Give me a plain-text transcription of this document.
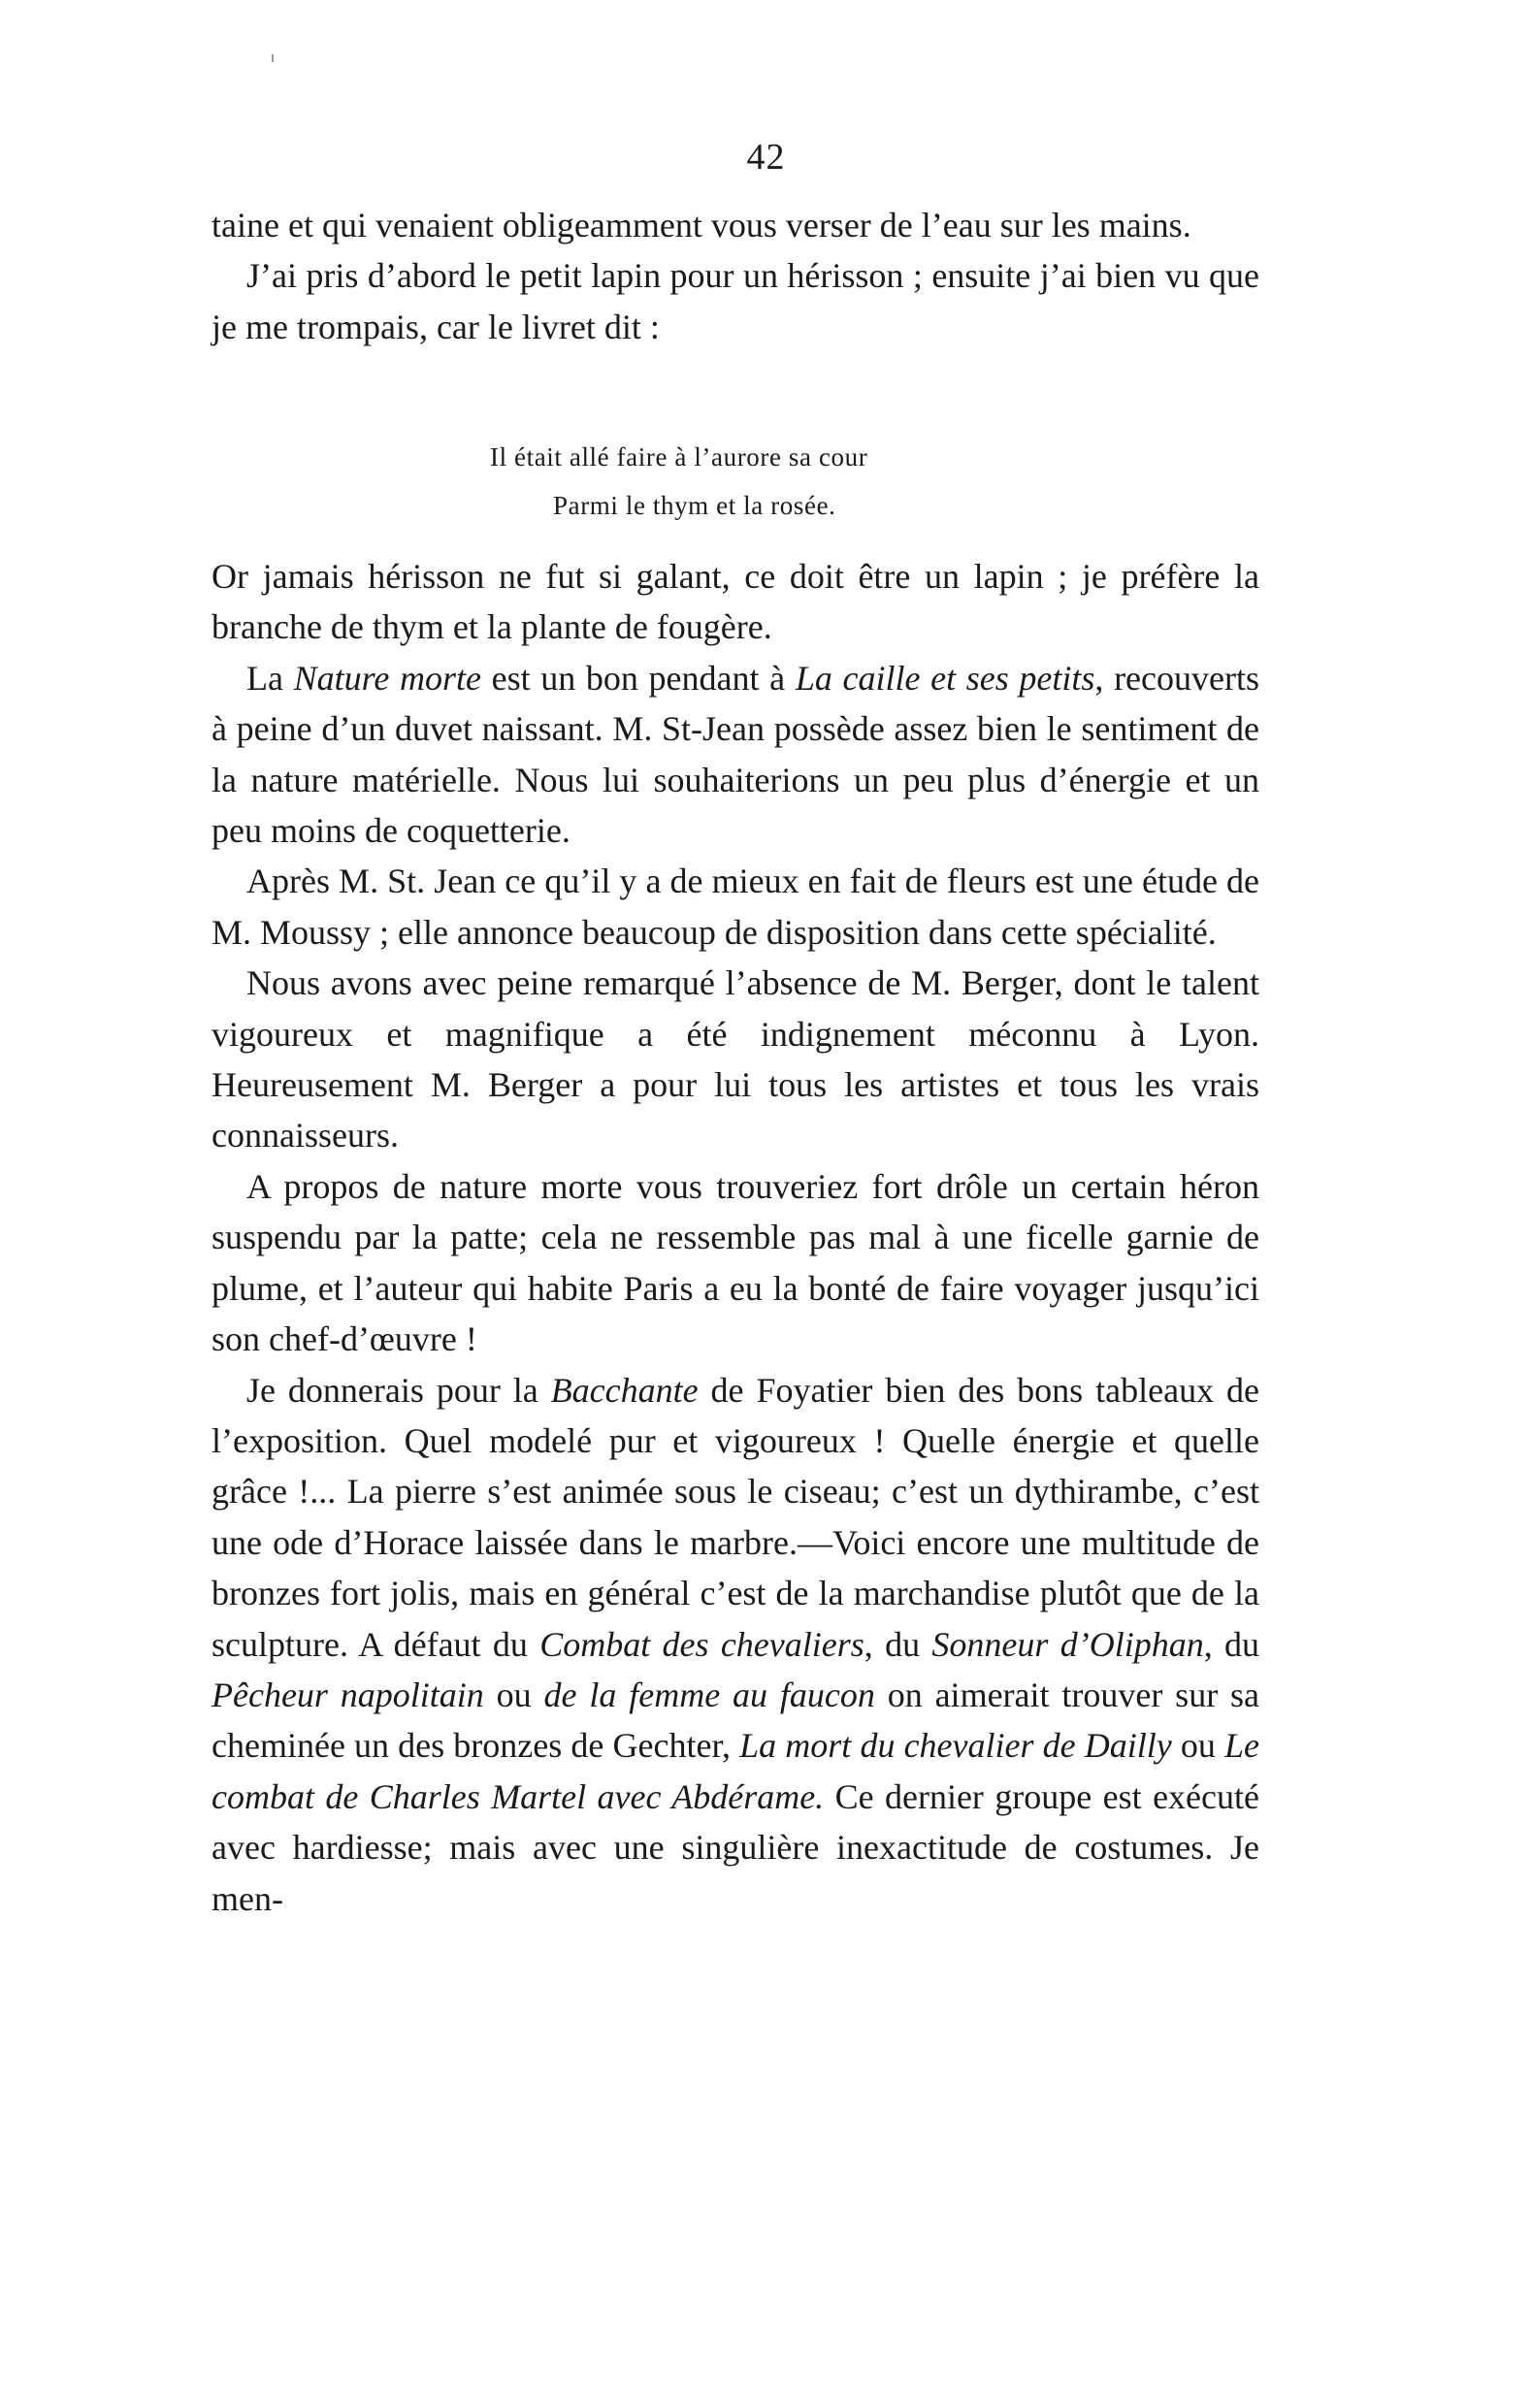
42

taine et qui venaient obligeamment vous verser de l’eau sur les mains.

J’ai pris d’abord le petit lapin pour un hérisson ; ensuite j’ai bien vu que je me trompais, car le livret dit :

Il était allé faire à l’aurore sa cour
Parmi le thym et la rosée.

Or jamais hérisson ne fut si galant, ce doit être un lapin ; je préfère la branche de thym et la plante de fougère.

La Nature morte est un bon pendant à La caille et ses petits, recouverts à peine d’un duvet naissant. M. St-Jean possède assez bien le sentiment de la nature matérielle. Nous lui souhaiterions un peu plus d’énergie et un peu moins de coquetterie.

Après M. St. Jean ce qu’il y a de mieux en fait de fleurs est une étude de M. Moussy ; elle annonce beaucoup de disposition dans cette spécialité.

Nous avons avec peine remarqué l’absence de M. Berger, dont le talent vigoureux et magnifique a été indignement méconnu à Lyon. Heureusement M. Berger a pour lui tous les artistes et tous les vrais connaisseurs.

A propos de nature morte vous trouveriez fort drôle un certain héron suspendu par la patte; cela ne ressemble pas mal à une ficelle garnie de plume, et l’auteur qui habite Paris a eu la bonté de faire voyager jusqu’ici son chef-d’œuvre !

Je donnerais pour la Bacchante de Foyatier bien des bons tableaux de l’exposition. Quel modelé pur et vigoureux ! Quelle énergie et quelle grâce !... La pierre s’est animée sous le ciseau; c’est un dythirambe, c’est une ode d’Horace laissée dans le marbre.—Voici encore une multitude de bronzes fort jolis, mais en général c’est de la marchandise plutôt que de la sculpture. A défaut du Combat des chevaliers, du Sonneur d’Oliphan, du Pêcheur napolitain ou de la femme au faucon on aimerait trouver sur sa cheminée un des bronzes de Gechter, La mort du chevalier de Dailly ou Le combat de Charles Martel avec Abdérame. Ce dernier groupe est exécuté avec hardiesse; mais avec une singulière inexactitude de costumes. Je men-
